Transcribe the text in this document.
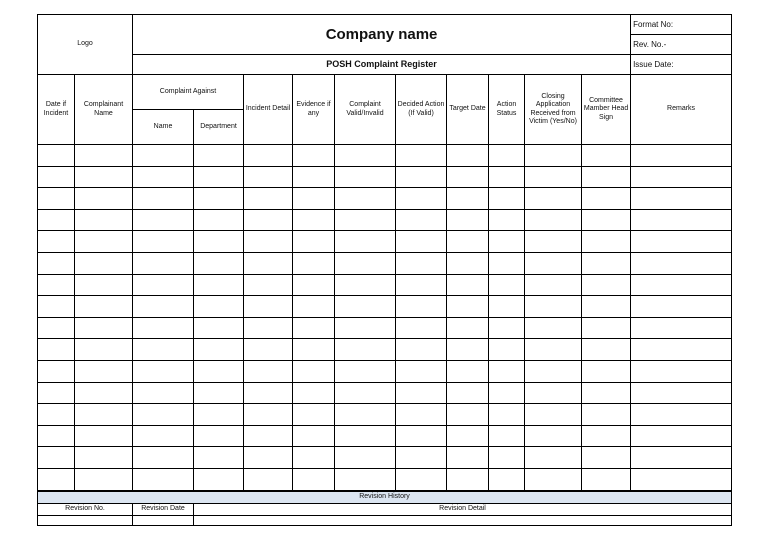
Logo		Company name										Format No:
												Rev. No.-
		POSH Complaint Register										Issue Date:
Date if Incident	Complainant Name	Complaint Against		Incident Detail	Evidence if any	Complaint Valid/Invalid	Decided Action (If Valid)	Target Date	Action Status	Closing Application Received from Victim (Yes/No)	Committee Mamber Head Sign	Remarks
		Name	Department									

Revision History		
Revision No.	Revision Date	Revision Detail
